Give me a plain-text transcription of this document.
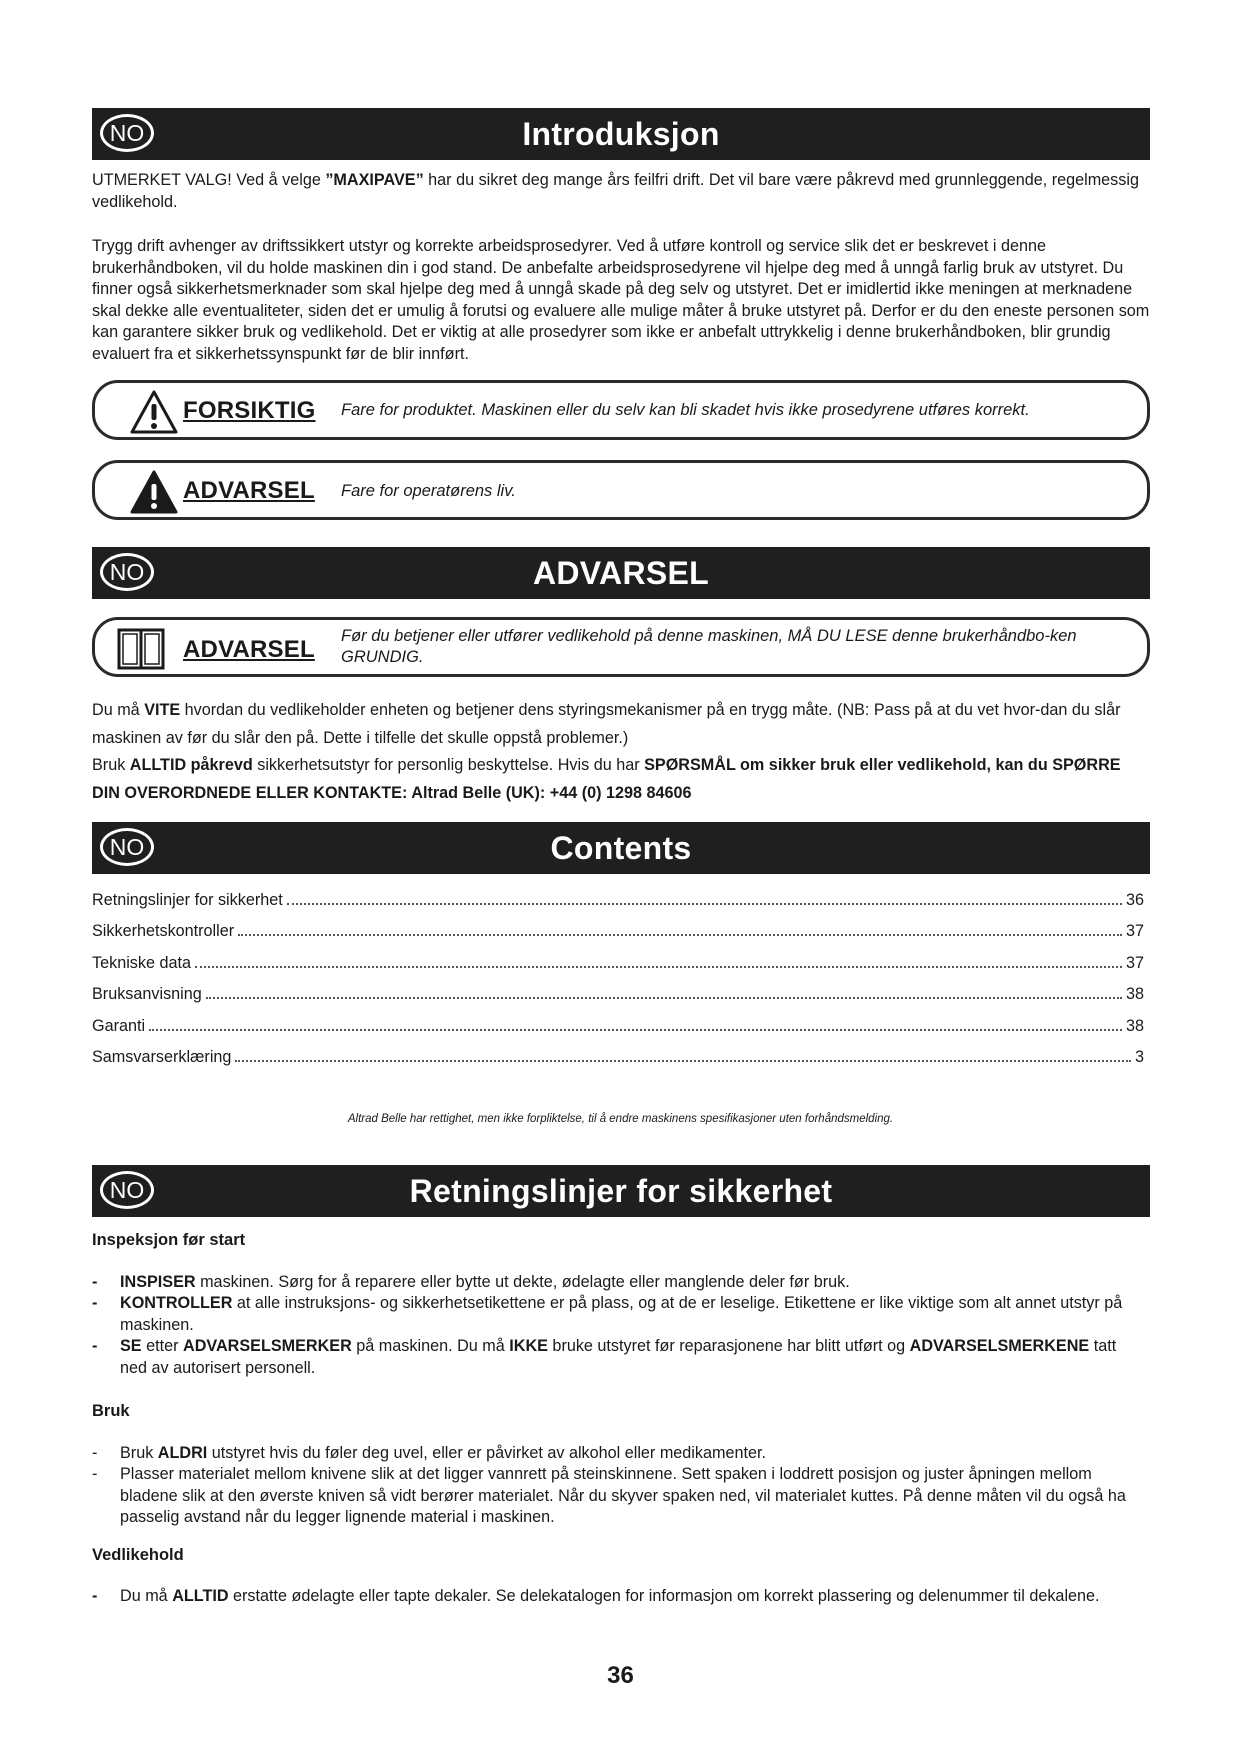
NO	Introduksjon

UTMERKET VALG! Ved å velge ”MAXIPAVE” har du sikret deg mange års feilfri drift. Det vil bare være påkrevd med grunnleggende, regelmessig vedlikehold.

Trygg drift avhenger av driftssikkert utstyr og korrekte arbeidsprosedyrer. Ved å utføre kontroll og service slik det er beskrevet i denne brukerhåndboken, vil du holde maskinen din i god stand. De anbefalte arbeidsprosedyrene vil hjelpe deg med å unngå farlig bruk av utstyret. Du finner også sikkerhetsmerknader som skal hjelpe deg med å unngå skade på deg selv og utstyret. Det er imidlertid ikke meningen at merknadene skal dekke alle eventualiteter, siden det er umulig å forutsi og evaluere alle mulige måter å bruke utstyret på. Derfor er du den eneste personen som kan garantere sikker bruk og vedlikehold. Det er viktig at alle prosedyrer som ikke er anbefalt uttrykkelig i denne brukerhåndboken, blir grundig evaluert fra et sikkerhetssynspunkt før de blir innført.

FORSIKTIG Fare for produktet. Maskinen eller du selv kan bli skadet hvis ikke prosedyrene utføres korrekt.
ADVARSEL Fare for operatørens liv.
NO	ADVARSEL
ADVARSEL Før du betjener eller utfører vedlikehold på denne maskinen, MÅ DU LESE denne brukerhåndbo-ken GRUNDIG.

Du må VITE hvordan du vedlikeholder enheten og betjener dens styringsmekanismer på en trygg måte. (NB: Pass på at du vet hvor-dan du slår maskinen av før du slår den på. Dette i tilfelle det skulle oppstå problemer.)

Bruk ALLTID påkrevd sikkerhetsutstyr for personlig beskyttelse. Hvis du har SPØRSMÅL om sikker bruk eller vedlikehold, kan du SPØRRE DIN OVERORDNEDE ELLER KONTAKTE: Altrad Belle (UK): +44 (0) 1298 84606

NO	Contents
Retningslinjer for sikkerhet	36
Sikkerhetskontroller	37
Tekniske data	37
Bruksanvisning	38
Garanti	38
Samsvarserklæring	3
Altrad Belle har rettighet, men ikke forpliktelse, til å endre maskinens spesifikasjoner uten forhåndsmelding.
NO	Retningslinjer for sikkerhet
Inspeksjon før start
-	INSPISER maskinen. Sørg for å reparere eller bytte ut dekte, ødelagte eller manglende deler før bruk.
-	KONTROLLER at alle instruksjons- og sikkerhetsetikettene er på plass, og at de er leselige. Etikettene er like viktige som alt annet utstyr på maskinen.
-	SE etter ADVARSELSMERKER på maskinen. Du må IKKE bruke utstyret før reparasjonene har blitt utført og ADVARSELSMERKENE tatt ned av autorisert personell.
Bruk
-	Bruk ALDRI utstyret hvis du føler deg uvel, eller er påvirket av alkohol eller medikamenter.
-	Plasser materialet mellom knivene slik at det ligger vannrett på steinskinnene. Sett spaken i loddrett posisjon og juster åpningen mellom bladene slik at den øverste kniven så vidt berører materialet. Når du skyver spaken ned, vil materialet kuttes. På denne måten vil du også ha passelig avstand når du legger lignende material i maskinen.
Vedlikehold
-	Du må ALLTID erstatte ødelagte eller tapte dekaler. Se delekatalogen for informasjon om korrekt plassering og delenummer til dekalene.
36
